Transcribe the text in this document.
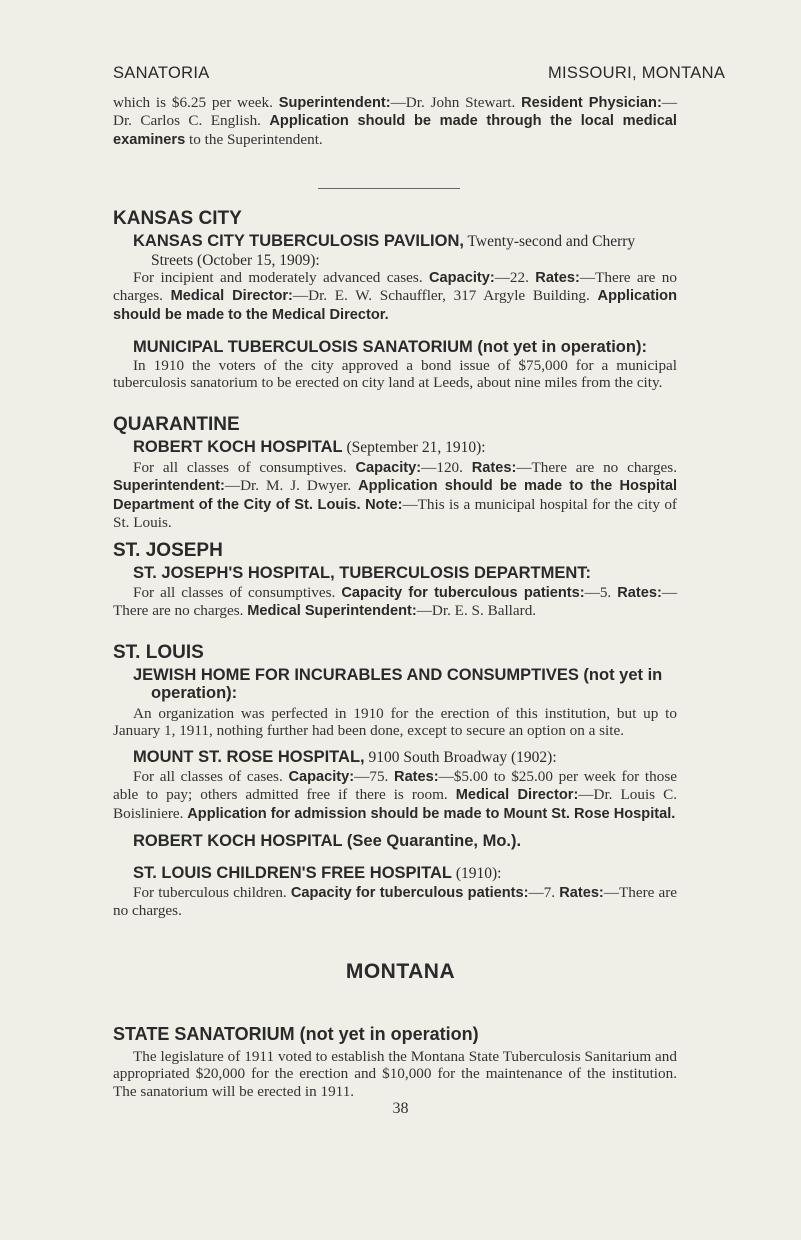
SANATORIA	MISSOURI, MONTANA
which is $6.25 per week. Superintendent:—Dr. John Stewart. Resident Physician:— Dr. Carlos C. English. Application should be made through the local medical examiners to the Superintendent.
KANSAS CITY
KANSAS CITY TUBERCULOSIS PAVILION, Twenty-second and Cherry Streets (October 15, 1909):
For incipient and moderately advanced cases. Capacity:—22. Rates:—There are no charges. Medical Director:—Dr. E. W. Schauffler, 317 Argyle Building. Application should be made to the Medical Director.
MUNICIPAL TUBERCULOSIS SANATORIUM (not yet in operation):
In 1910 the voters of the city approved a bond issue of $75,000 for a municipal tuberculosis sanatorium to be erected on city land at Leeds, about nine miles from the city.
QUARANTINE
ROBERT KOCH HOSPITAL (September 21, 1910):
For all classes of consumptives. Capacity:—120. Rates:—There are no charges. Superintendent:—Dr. M. J. Dwyer. Application should be made to the Hospital Department of the City of St. Louis. Note:—This is a municipal hospital for the city of St. Louis.
ST. JOSEPH
ST. JOSEPH'S HOSPITAL, TUBERCULOSIS DEPARTMENT:
For all classes of consumptives. Capacity for tuberculous patients:—5. Rates:— There are no charges. Medical Superintendent:—Dr. E. S. Ballard.
ST. LOUIS
JEWISH HOME FOR INCURABLES AND CONSUMPTIVES (not yet in operation):
An organization was perfected in 1910 for the erection of this institution, but up to January 1, 1911, nothing further had been done, except to secure an option on a site.
MOUNT ST. ROSE HOSPITAL, 9100 South Broadway (1902):
For all classes of cases. Capacity:—75. Rates:—$5.00 to $25.00 per week for those able to pay; others admitted free if there is room. Medical Director:—Dr. Louis C. Boisliniere. Application for admission should be made to Mount St. Rose Hospital.
ROBERT KOCH HOSPITAL (See Quarantine, Mo.).
ST. LOUIS CHILDREN'S FREE HOSPITAL (1910):
For tuberculous children. Capacity for tuberculous patients:—7. Rates:—There are no charges.
MONTANA
STATE SANATORIUM (not yet in operation)
The legislature of 1911 voted to establish the Montana State Tuberculosis Sanitarium and appropriated $20,000 for the erection and $10,000 for the maintenance of the institution. The sanatorium will be erected in 1911.
38
